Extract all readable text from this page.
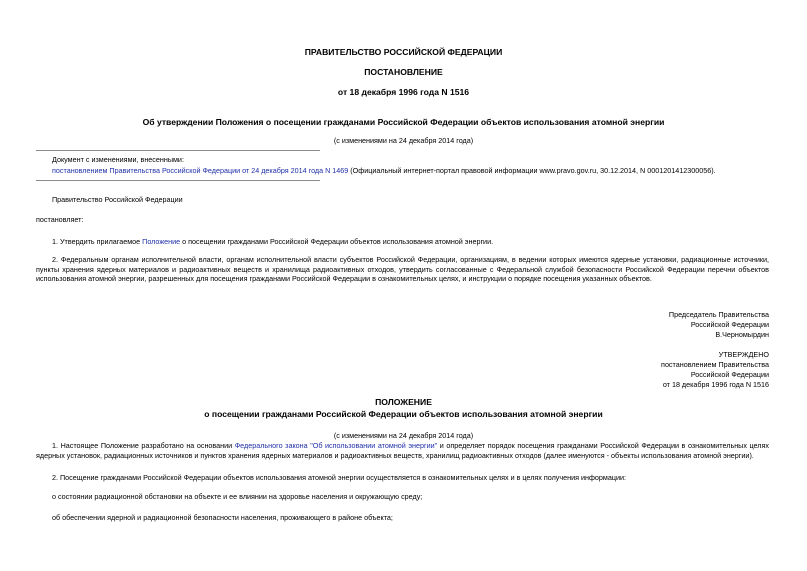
ПРАВИТЕЛЬСТВО РОССИЙСКОЙ ФЕДЕРАЦИИ
ПОСТАНОВЛЕНИЕ
от 18 декабря 1996 года N 1516
Об утверждении Положения о посещении гражданами Российской Федерации объектов использования атомной энергии
(с изменениями на 24 декабря 2014 года)
Документ с изменениями, внесенными:
постановлением Правительства Российской Федерации от 24 декабря 2014 года N 1469 (Официальный интернет-портал правовой информации www.pravo.gov.ru, 30.12.2014, N 0001201412300056).
Правительство Российской Федерации
постановляет:
1. Утвердить прилагаемое Положение о посещении гражданами Российской Федерации объектов использования атомной энергии.
2. Федеральным органам исполнительной власти, органам исполнительной власти субъектов Российской Федерации, организациям, в ведении которых имеются ядерные установки, радиационные источники, пункты хранения ядерных материалов и радиоактивных веществ и хранилища радиоактивных отходов, утвердить согласованные с Федеральной службой безопасности Российской Федерации перечни объектов использования атомной энергии, разрешенных для посещения гражданами Российской Федерации в ознакомительных целях, и инструкции о порядке посещения указанных объектов.
Председатель Правительства
Российской Федерации
В.Черномырдин
УТВЕРЖДЕНО
постановлением Правительства
Российской Федерации
от 18 декабря 1996 года N 1516
ПОЛОЖЕНИЕ
о посещении гражданами Российской Федерации объектов использования атомной энергии
(с изменениями на 24 декабря 2014 года)
1. Настоящее Положение разработано на основании Федерального закона "Об использовании атомной энергии" и определяет порядок посещения гражданами Российской Федерации в ознакомительных целях ядерных установок, радиационных источников и пунктов хранения ядерных материалов и радиоактивных веществ, хранилищ радиоактивных отходов (далее именуются - объекты использования атомной энергии).
2. Посещение гражданами Российской Федерации объектов использования атомной энергии осуществляется в ознакомительных целях и в целях получения информации:
о состоянии радиационной обстановки на объекте и ее влиянии на здоровье населения и окружающую среду;
об обеспечении ядерной и радиационной безопасности населения, проживающего в районе объекта;
